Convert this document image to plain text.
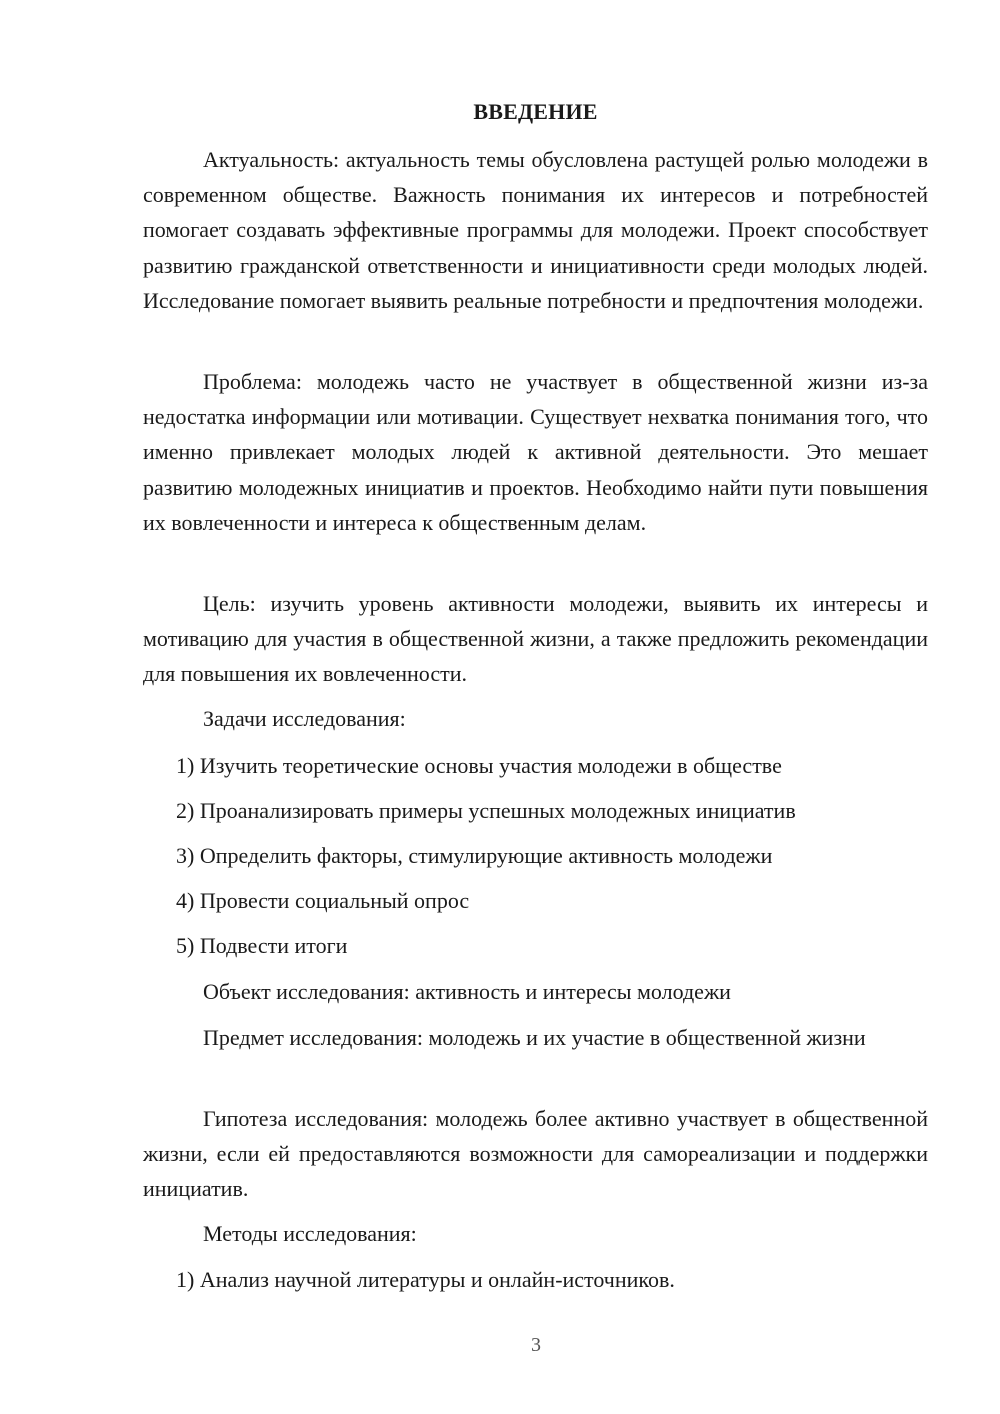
ВВЕДЕНИЕ

Актуальность: актуальность темы обусловлена растущей ролью молодежи в современном обществе. Важность понимания их интересов и потребностей помогает создавать эффективные программы для молодежи. Проект способствует развитию гражданской ответственности и инициативности среди молодых людей. Исследование помогает выявить реальные потребности и предпочтения молодежи.

Проблема: молодежь часто не участвует в общественной жизни из-за недостатка информации или мотивации. Существует нехватка понимания того, что именно привлекает молодых людей к активной деятельности. Это мешает развитию молодежных инициатив и проектов. Необходимо найти пути повышения их вовлеченности и интереса к общественным делам.

Цель: изучить уровень активности молодежи, выявить их интересы и мотивацию для участия в общественной жизни, а также предложить рекомендации для повышения их вовлеченности.

Задачи исследования:

1) Изучить теоретические основы участия молодежи в обществе

2) Проанализировать примеры успешных молодежных инициатив

3) Определить факторы, стимулирующие активность молодежи

4) Провести социальный опрос

5) Подвести итоги

Объект исследования: активность и интересы молодежи

Предмет исследования: молодежь и их участие в общественной жизни

Гипотеза исследования: молодежь более активно участвует в общественной жизни, если ей предоставляются возможности для самореализации и поддержки инициатив.

Методы исследования:

1) Анализ научной литературы и онлайн-источников.

3
